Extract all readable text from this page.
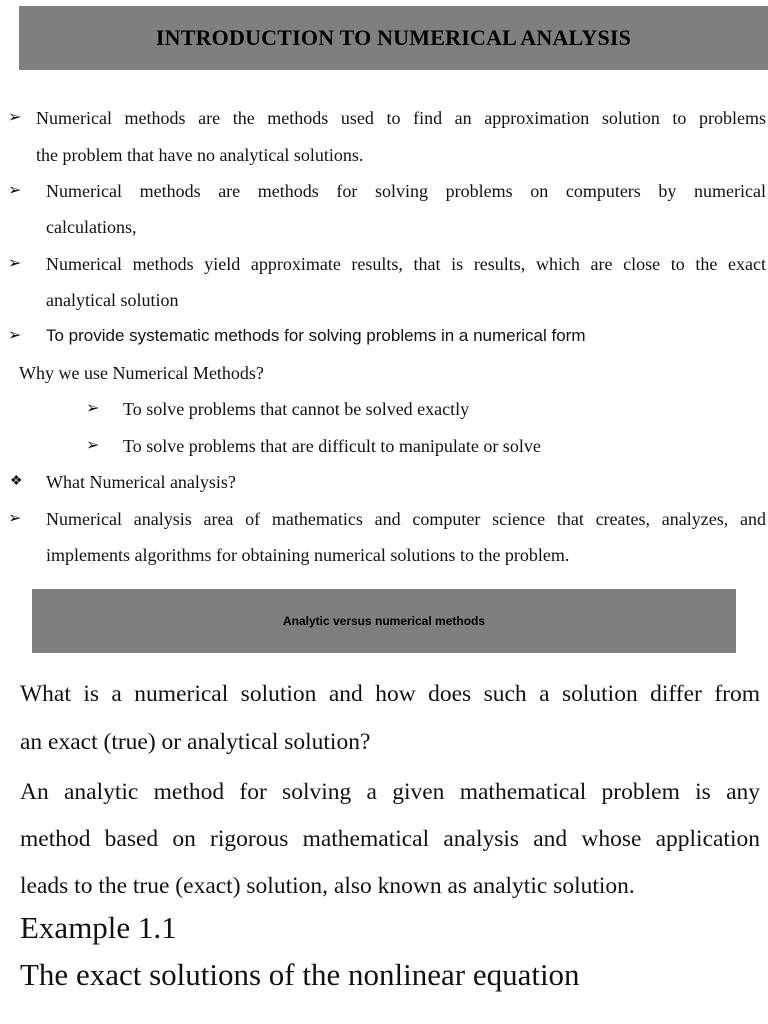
INTRODUCTION TO NUMERICAL ANALYSIS
➢ Numerical methods are the methods used to find an approximation solution to problems
the problem that have no analytical solutions.
➢ Numerical methods are methods for solving problems on computers by numerical
calculations,
➢ Numerical methods yield approximate results, that is results, which are close to the exact
analytical solution
➢ To provide systematic methods for solving problems in a numerical form
Why we use Numerical Methods?
➢ To solve problems that cannot be solved exactly
➢ To solve problems that are difficult to manipulate or solve
❖ What Numerical analysis?
➢ Numerical analysis area of mathematics and computer science that creates, analyzes, and
implements algorithms for obtaining numerical solutions to the problem.
Analytic versus numerical methods
What is a numerical solution and how does such a solution differ from
an exact (true) or analytical solution?
An analytic method for solving a given mathematical problem is any
method based on rigorous mathematical analysis and whose application
leads to the true (exact) solution, also known as analytic solution.
Example 1.1
The exact solutions of the nonlinear equation
